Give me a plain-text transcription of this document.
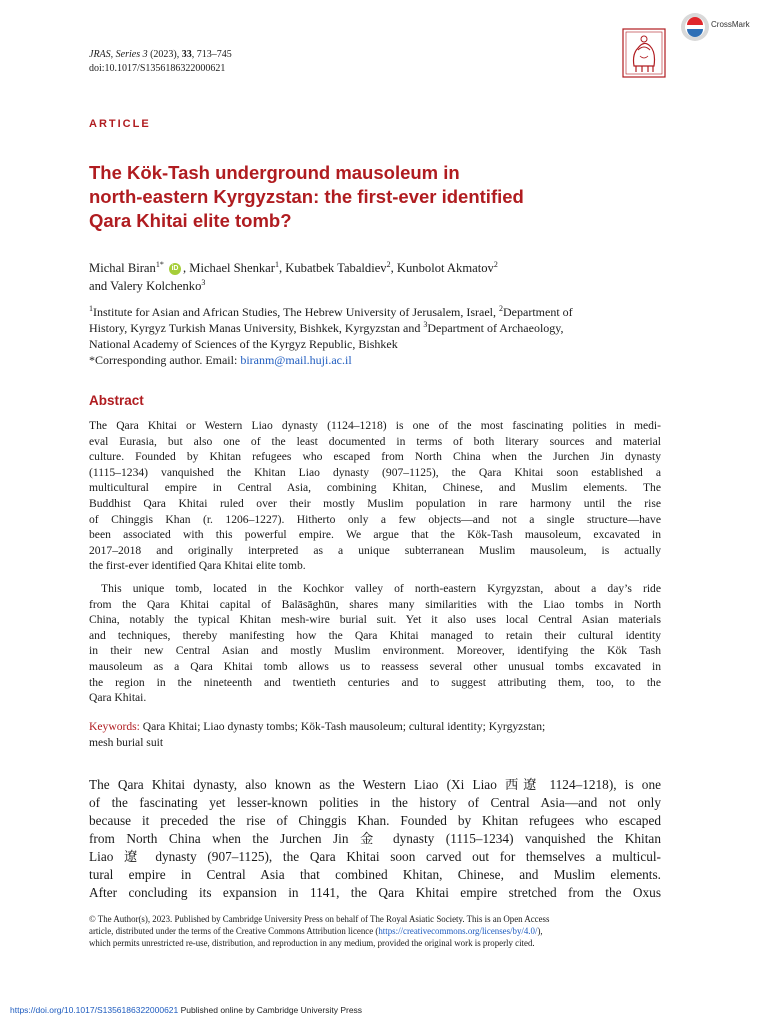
JRAS, Series 3 (2023), 33, 713–745
doi:10.1017/S1356186322000621
CrossMark
ARTICLE
The Kök-Tash underground mausoleum in
north-eastern Kyrgyzstan: the first-ever identified
Qara Khitai elite tomb?
Michal Biran$^{1*}$ iD , Michael Shenkar$^1$, Kubatbek Tabaldiev$^2$, Kunbolot Akmatov$^2$
and Valery Kolchenko$^3$
$^1$Institute for Asian and African Studies, The Hebrew University of Jerusalem, Israel, $^2$Department of
History, Kyrgyz Turkish Manas University, Bishkek, Kyrgyzstan and $^3$Department of Archaeology,
National Academy of Sciences of the Kyrgyz Republic, Bishkek
*Corresponding author. Email: biranm@mail.huji.ac.il
Abstract
The Qara Khitai or Western Liao dynasty (1124–1218) is one of the most fascinating polities in medi-
eval Eurasia, but also one of the least documented in terms of both literary sources and material
culture. Founded by Khitan refugees who escaped from North China when the Jurchen Jin dynasty
(1115–1234) vanquished the Khitan Liao dynasty (907–1125), the Qara Khitai soon established a
multicultural empire in Central Asia, combining Khitan, Chinese, and Muslim elements. The
Buddhist Qara Khitai ruled over their mostly Muslim population in rare harmony until the rise
of Chinggis Khan (r. 1206–1227). Hitherto only a few objects—and not a single structure—have
been associated with this powerful empire. We argue that the Kök-Tash mausoleum, excavated in
2017–2018 and originally interpreted as a unique subterranean Muslim mausoleum, is actually
the first-ever identified Qara Khitai elite tomb.
This unique tomb, located in the Kochkor valley of north-eastern Kyrgyzstan, about a day’s ride
from the Qara Khitai capital of Balāsāghūn, shares many similarities with the Liao tombs in North
China, notably the typical Khitan mesh-wire burial suit. Yet it also uses local Central Asian materials
and techniques, thereby manifesting how the Qara Khitai managed to retain their cultural identity
in their new Central Asian and mostly Muslim environment. Moreover, identifying the Kök Tash
mausoleum as a Qara Khitai tomb allows us to reassess several other unusual tombs excavated in
the region in the nineteenth and twentieth centuries and to suggest attributing them, too, to the
Qara Khitai.
Keywords: Qara Khitai; Liao dynasty tombs; Kök-Tash mausoleum; cultural identity; Kyrgyzstan;
mesh burial suit
The Qara Khitai dynasty, also known as the Western Liao (Xi Liao 西遼 1124–1218), is one
of the fascinating yet lesser-known polities in the history of Central Asia—and not only
because it preceded the rise of Chinggis Khan. Founded by Khitan refugees who escaped
from North China when the Jurchen Jin 金 dynasty (1115–1234) vanquished the Khitan
Liao 遼 dynasty (907–1125), the Qara Khitai soon carved out for themselves a multicul-
tural empire in Central Asia that combined Khitan, Chinese, and Muslim elements.
After concluding its expansion in 1141, the Qara Khitai empire stretched from the Oxus
© The Author(s), 2023. Published by Cambridge University Press on behalf of The Royal Asiatic Society. This is an Open Access
article, distributed under the terms of the Creative Commons Attribution licence (https://creativecommons.org/licenses/by/4.0/),
which permits unrestricted re-use, distribution, and reproduction in any medium, provided the original work is properly cited.
https://doi.org/10.1017/S1356186322000621 Published online by Cambridge University Press
